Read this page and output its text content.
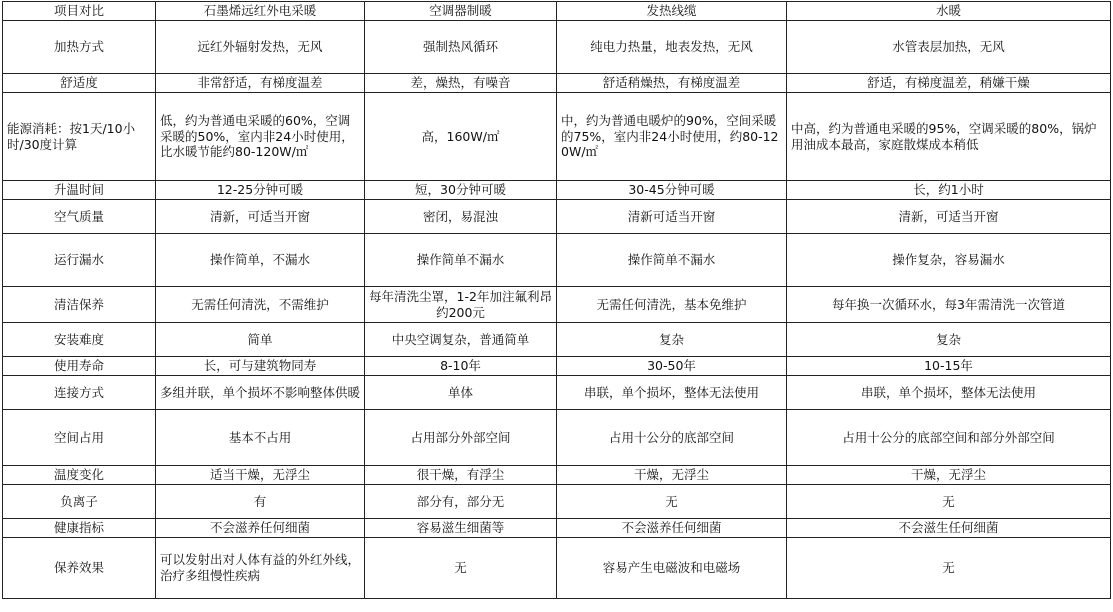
项目对比	石墨烯远红外电采暖	空调器制暖	发热线缆	水暖
加热方式	远红外辐射发热，无风	强制热风循环	纯电力热量，地表发热，无风	水管表层加热，无风
舒适度	非常舒适，有梯度温差	差，燥热，有噪音	舒适稍燥热，有梯度温差	舒适，有梯度温差，稍嫌干燥
能源消耗：按1天/10小时/30度计算	低，约为普通电采暖的60%，空调采暖的50%，室内非24小时使用，比水暖节能约80-120W/㎡	高，160W/㎡	中，约为普通电暖炉的90%，空间采暖的75%，室内非24小时使用，约80-120W/㎡	中高，约为普通电采暖的95%，空调采暖的80%，锅炉用油成本最高，家庭散煤成本稍低
升温时间	12-25分钟可暖	短，30分钟可暖	30-45分钟可暖	长，约1小时
空气质量	清新，可适当开窗	密闭，易混浊	清新可适当开窗	清新，可适当开窗
运行漏水	操作简单，不漏水	操作简单不漏水	操作简单不漏水	操作复杂，容易漏水
清洁保养	无需任何清洗，不需维护	每年清洗尘罩，1-2年加注氟利昂约200元	无需任何清洗，基本免维护	每年换一次循环水，每3年需清洗一次管道
安装难度	简单	中央空调复杂，普通简单	复杂	复杂
使用寿命	长，可与建筑物同寿	8-10年	30-50年	10-15年
连接方式	多组并联，单个损坏不影响整体供暖	单体	串联，单个损坏，整体无法使用	串联，单个损坏，整体无法使用
空间占用	基本不占用	占用部分外部空间	占用十公分的底部空间	占用十公分的底部空间和部分外部空间
温度变化	适当干燥，无浮尘	很干燥，有浮尘	干燥，无浮尘	干燥，无浮尘
负离子	有	部分有，部分无	无	无
健康指标	不会滋养任何细菌	容易滋生细菌等	不会滋养任何细菌	不会滋生任何细菌
保养效果	可以发射出对人体有益的外红外线，治疗多组慢性疾病	无	容易产生电磁波和电磁场	无
